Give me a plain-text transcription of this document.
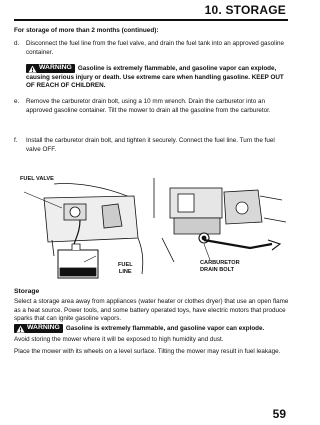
10. STORAGE
For storage of more than 2 months (continued):
d. Disconnect the fuel line from the fuel valve, and drain the fuel tank into an approved gasoline container.
WARNING Gasoline is extremely flammable, and gasoline vapor can explode, causing serious injury or death. Use extreme care when handling gasoline. KEEP OUT OF REACH OF CHILDREN.
e. Remove the carburetor drain bolt, using a 10 mm wrench. Drain the carburetor into an approved gasoline container. Tilt the mower to drain all the gasoline from the carburetor.
f. Install the carburetor drain bolt, and tighten it securely. Connect the fuel line. Turn the fuel valve OFF.
FUEL VALVE
FUEL
LINE
CARBURETOR
DRAIN BOLT
Storage
Select a storage area away from appliances (water heater or clothes dryer) that use an open flame as a heat source. Power tools, and some battery operated toys, have electric motors that produce sparks that can ignite gasoline vapors.
WARNING Gasoline is extremely flammable, and gasoline vapor can explode.
Avoid storing the mower where it will be exposed to high humidity and dust.
Place the mower with its wheels on a level surface. Tilting the mower may result in fuel leakage.
59
